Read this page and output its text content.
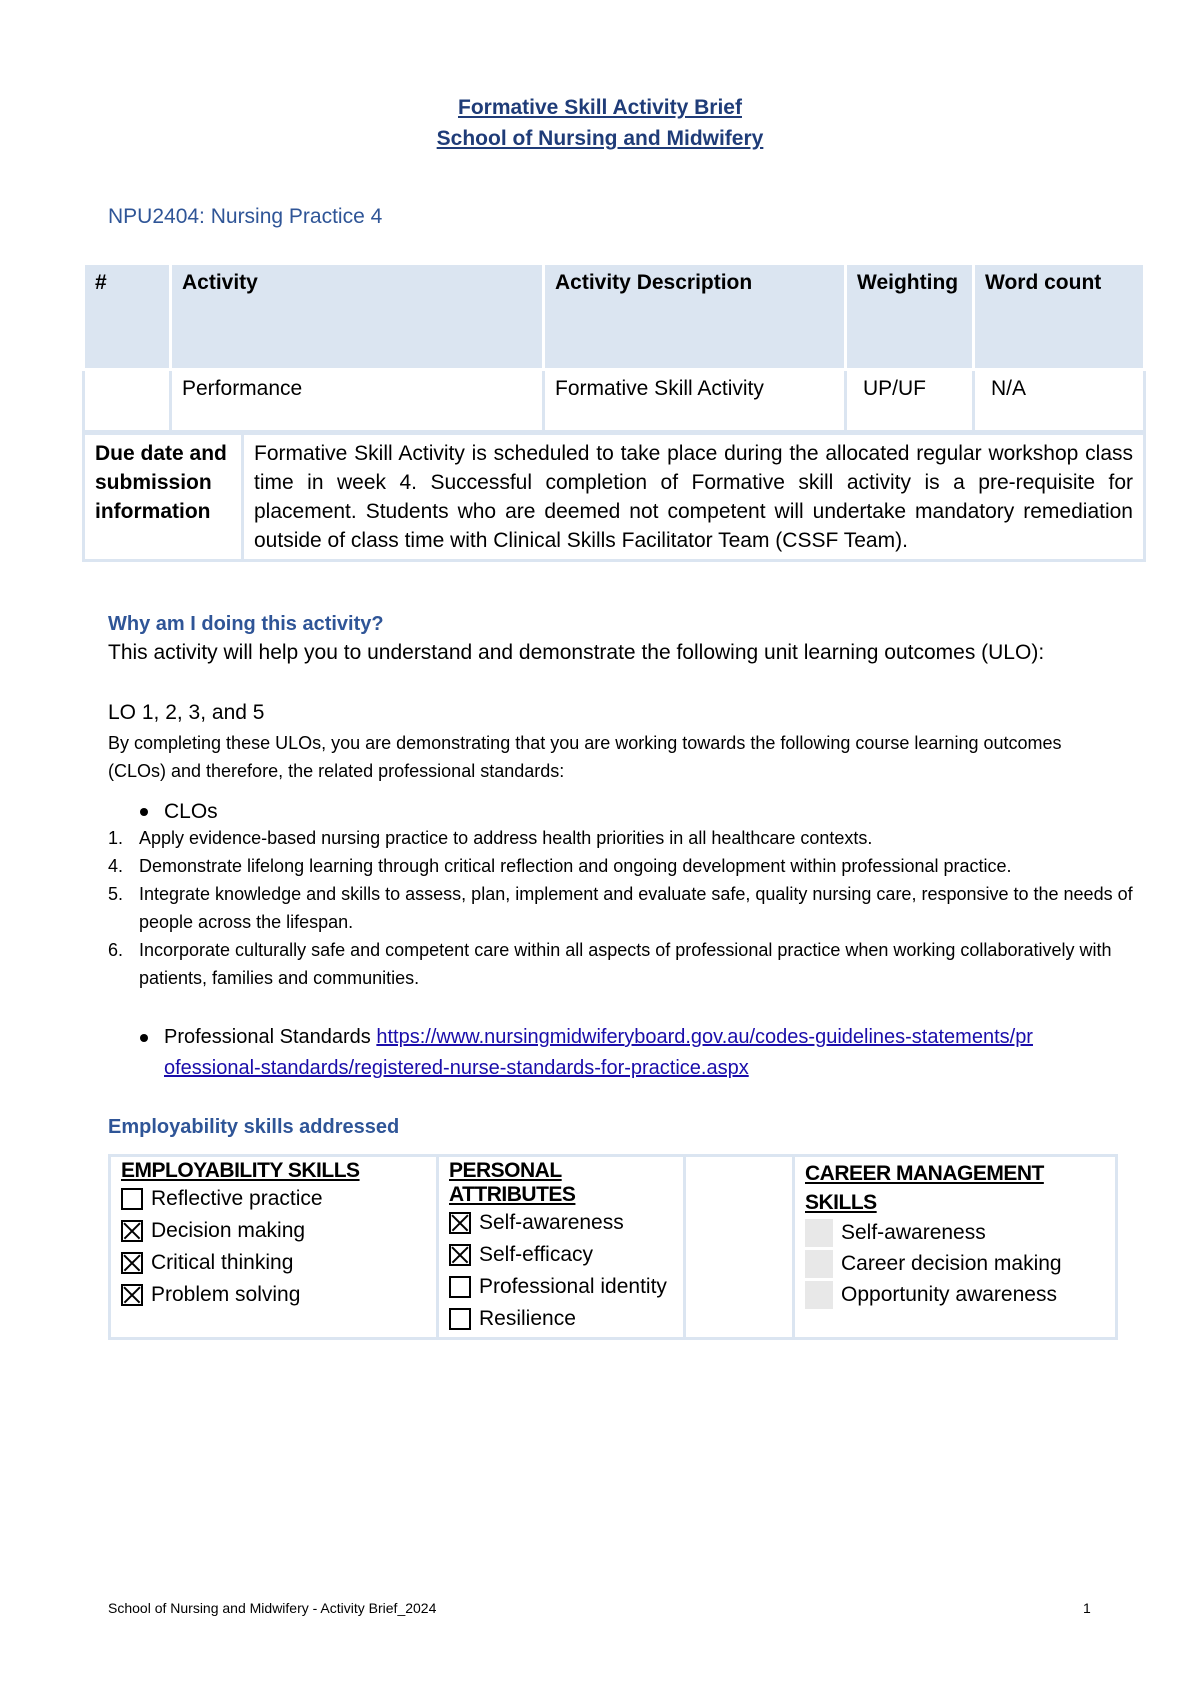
Formative Skill Activity Brief
School of Nursing and Midwifery
NPU2404: Nursing Practice 4
#	Activity	Activity Description	Weighting	Word count
	Performance	Formative Skill Activity	UP/UF	N/A
Due date and submission information	Formative Skill Activity is scheduled to take place during the allocated regular workshop class time in week 4. Successful completion of Formative skill activity is a pre-requisite for placement. Students who are deemed not competent will undertake mandatory remediation outside of class time with Clinical Skills Facilitator Team (CSSF Team).
Why am I doing this activity?
This activity will help you to understand and demonstrate the following unit learning outcomes (ULO):
LO 1, 2, 3, and 5
By completing these ULOs, you are demonstrating that you are working towards the following course learning outcomes (CLOs) and therefore, the related professional standards:
CLOs
1. Apply evidence-based nursing practice to address health priorities in all healthcare contexts.
4. Demonstrate lifelong learning through critical reflection and ongoing development within professional practice.
5. Integrate knowledge and skills to assess, plan, implement and evaluate safe, quality nursing care, responsive to the needs of people across the lifespan.
6. Incorporate culturally safe and competent care within all aspects of professional practice when working collaboratively with patients, families and communities.
Professional Standards https://www.nursingmidwiferyboard.gov.au/codes-guidelines-statements/professional-standards/registered-nurse-standards-for-practice.aspx
Employability skills addressed
EMPLOYABILITY SKILLS
Reflective practice
Decision making
Critical thinking
Problem solving

PERSONAL ATTRIBUTES
Self-awareness
Self-efficacy
Professional identity
Resilience

CAREER MANAGEMENT SKILLS
Self-awareness
Career decision making
Opportunity awareness
School of Nursing and Midwifery - Activity Brief_2024	1
